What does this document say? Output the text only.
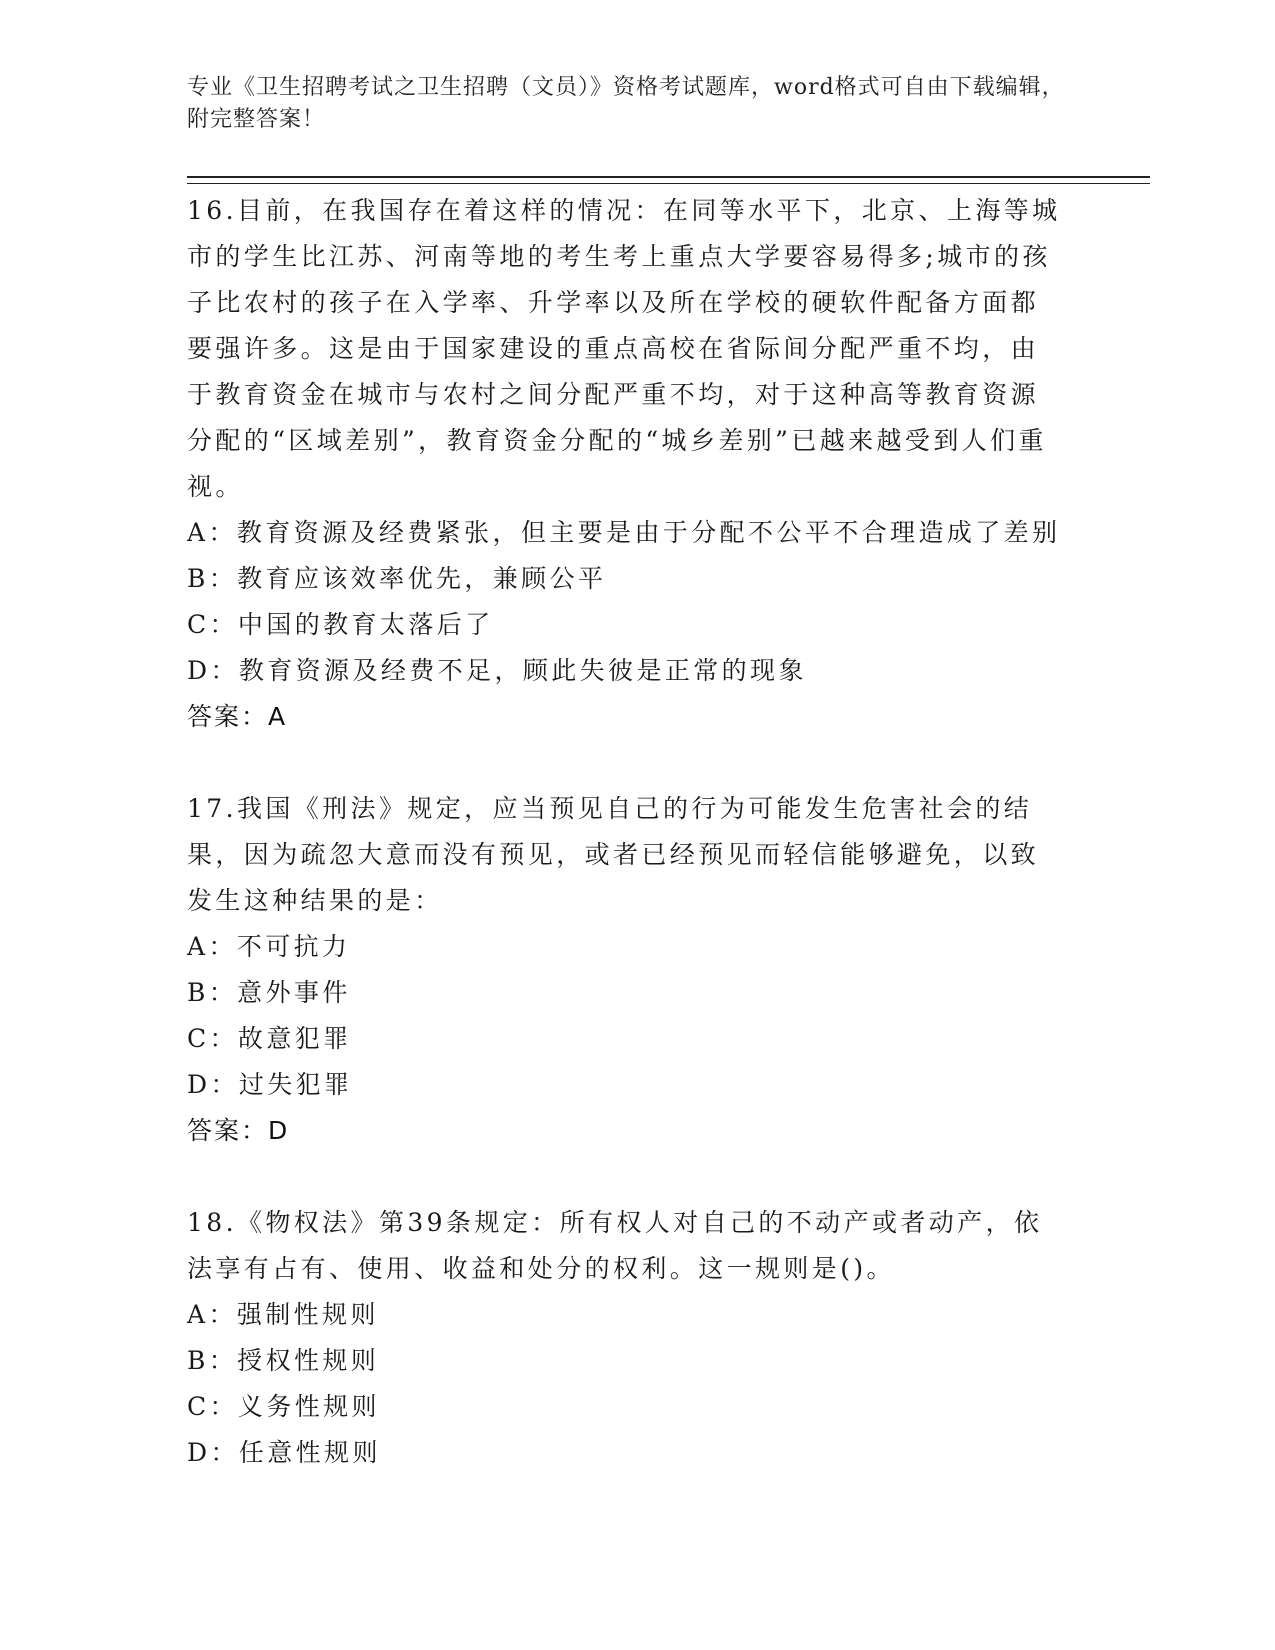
专业《卫生招聘考试之卫生招聘（文员）》资格考试题库，word格式可自由下载编辑，附完整答案！

16.目前，在我国存在着这样的情况：在同等水平下，北京、上海等城市的学生比江苏、河南等地的考生考上重点大学要容易得多;城市的孩子比农村的孩子在入学率、升学率以及所在学校的硬软件配备方面都要强许多。这是由于国家建设的重点高校在省际间分配严重不均，由于教育资金在城市与农村之间分配严重不均，对于这种高等教育资源分配的“区域差别”，教育资金分配的“城乡差别”已越来越受到人们重视。

A：教育资源及经费紧张，但主要是由于分配不公平不合理造成了差别

B：教育应该效率优先，兼顾公平

C：中国的教育太落后了

D：教育资源及经费不足，顾此失彼是正常的现象

答案：A

17.我国《刑法》规定，应当预见自己的行为可能发生危害社会的结果，因为疏忽大意而没有预见，或者已经预见而轻信能够避免，以致发生这种结果的是：

A：不可抗力

B：意外事件

C：故意犯罪

D：过失犯罪

答案：D

18.《物权法》第39条规定：所有权人对自己的不动产或者动产，依法享有占有、使用、收益和处分的权利。这一规则是()。

A：强制性规则

B：授权性规则

C：义务性规则

D：任意性规则
